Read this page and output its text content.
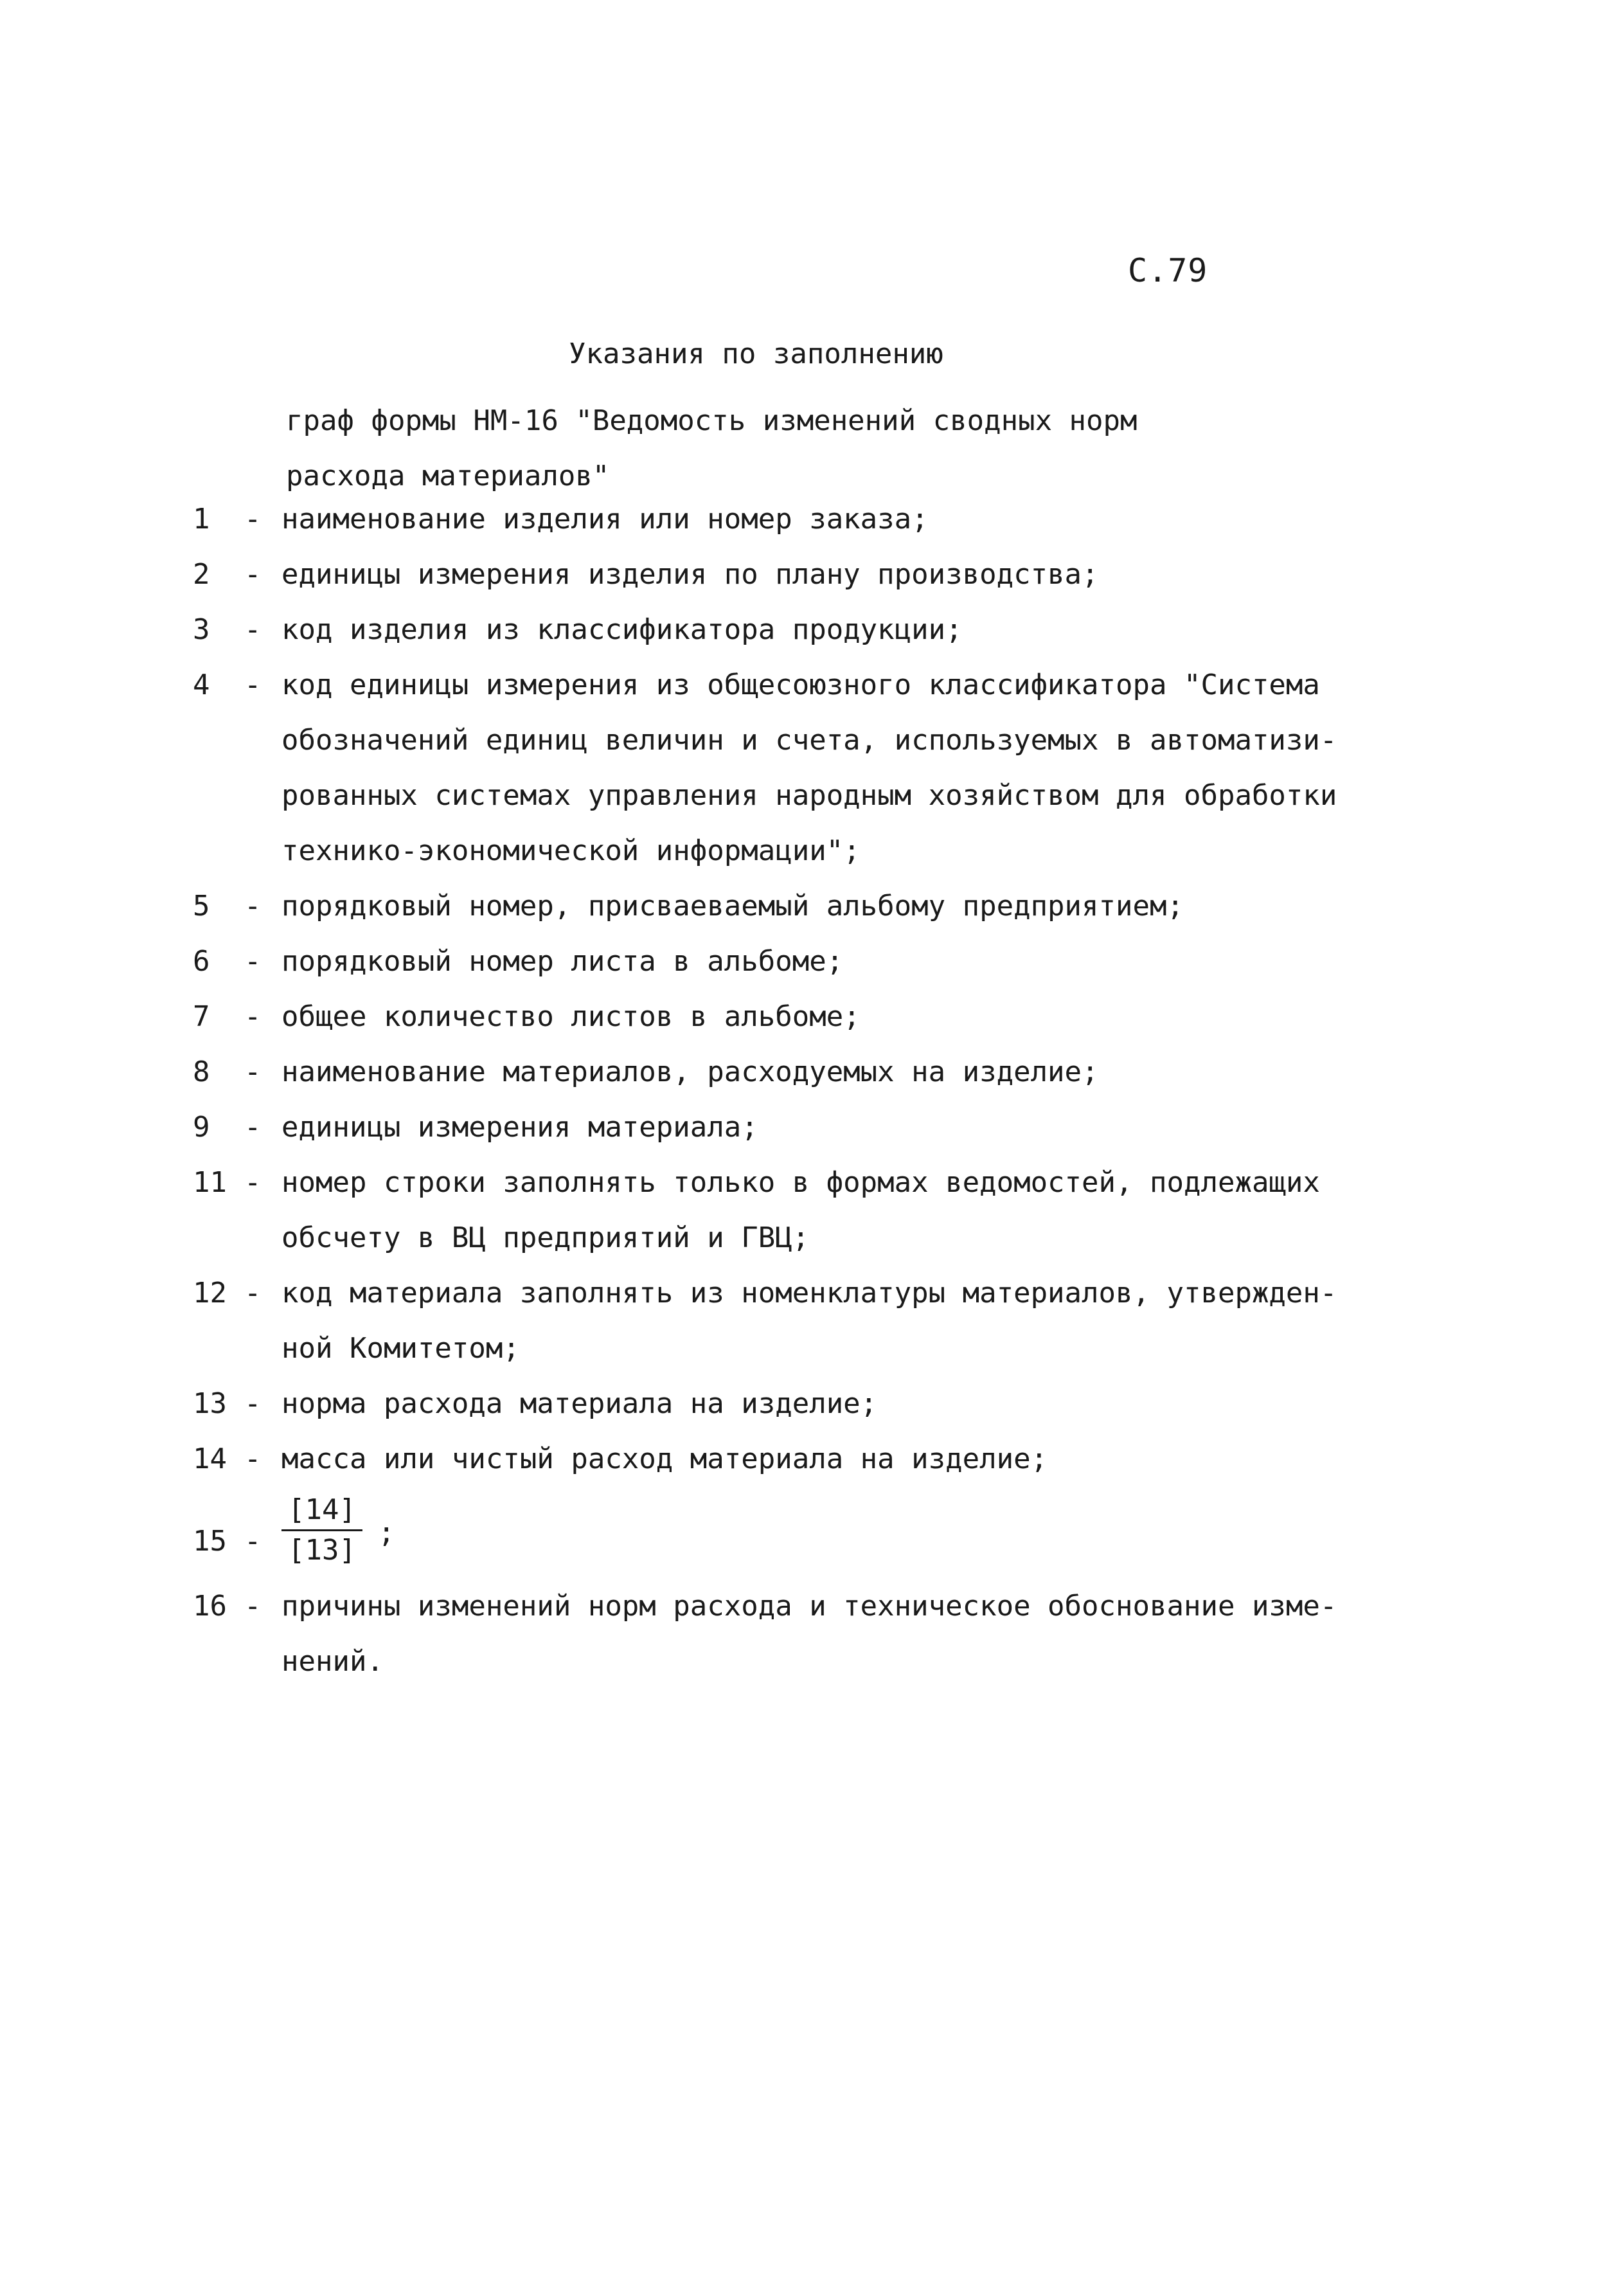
С.79
Указания по заполнению
граф формы НМ-16 "Ведомость изменений сводных норм
расхода материалов"
1	- наименование изделия или номер заказа;
2	- единицы измерения изделия по плану производства;
3	- код изделия из классификатора продукции;
4	- код единицы измерения из общесоюзного классификатора "Система
обозначений единиц величин и счета, используемых в автоматизи-
рованных системах управления народным хозяйством для обработки
технико-экономической информации";
5	- порядковый номер, присваеваемый альбому предприятием;
6	- порядковый номер листа в альбоме;
7	- общее количество листов в альбоме;
8	- наименование материалов, расходуемых на изделие;
9	- единицы измерения материала;
11 - номер строки заполнять только в формах ведомостей, подлежащих
обсчету в ВЦ предприятий и ГВЦ;
12 - код материала заполнять из номенклатуры материалов, утвержден-
ной Комитетом;
13 - норма расхода материала на изделие;
14 - масса или чистый расход материала на изделие;
$15 - \frac{[14]}{[13]}$ ;
16 - причины изменений норм расхода и техническое обоснование изме-
нений.
